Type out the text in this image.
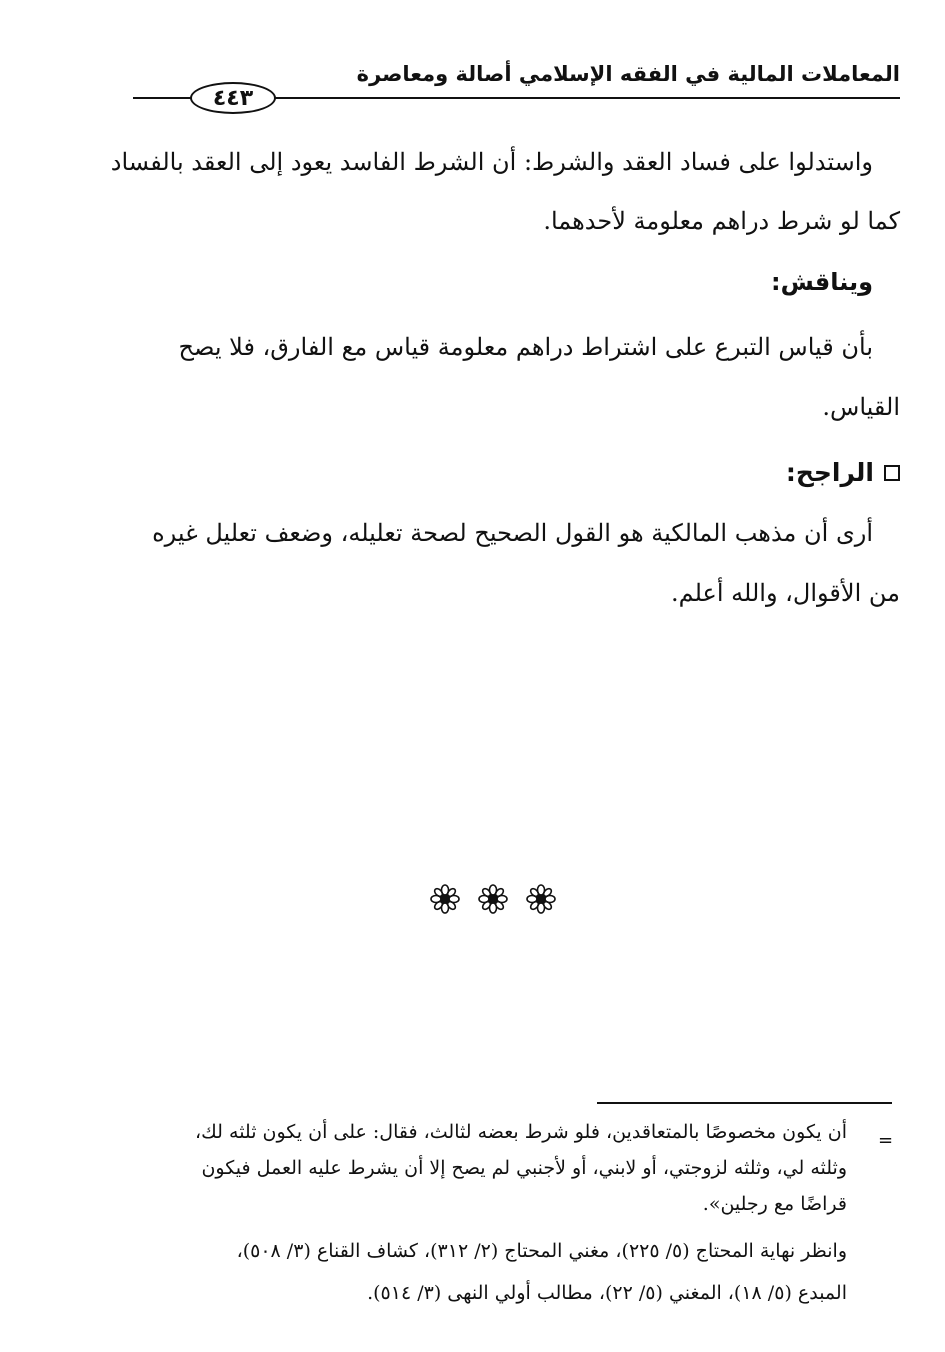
المعاملات المالية في الفقه الإسلامي أصالة ومعاصرة
٤٤٣
واستدلوا على فساد العقد والشرط: أن الشرط الفاسد يعود إلى العقد بالفساد
كما لو شرط دراهم معلومة لأحدهما.
ويناقش:
بأن قياس التبرع على اشتراط دراهم معلومة قياس مع الفارق، فلا يصح
القياس.
الراجح:
أرى أن مذهب المالكية هو القول الصحيح لصحة تعليله، وضعف تعليل غيره
من الأقوال، والله أعلم.
=
أن يكون مخصوصًا بالمتعاقدين، فلو شرط بعضه لثالث، فقال: على أن يكون ثلثه لك،
وثلثه لي، وثلثه لزوجتي، أو لابني، أو لأجنبي لم يصح إلا أن يشرط عليه العمل فيكون
قراضًا مع رجلين».
وانظر نهاية المحتاج (٥/ ٢٢٥)، مغني المحتاج (٢/ ٣١٢)، كشاف القناع (٣/ ٥٠٨)،
المبدع (٥/ ١٨)، المغني (٥/ ٢٢)، مطالب أولي النهى (٣/ ٥١٤).
